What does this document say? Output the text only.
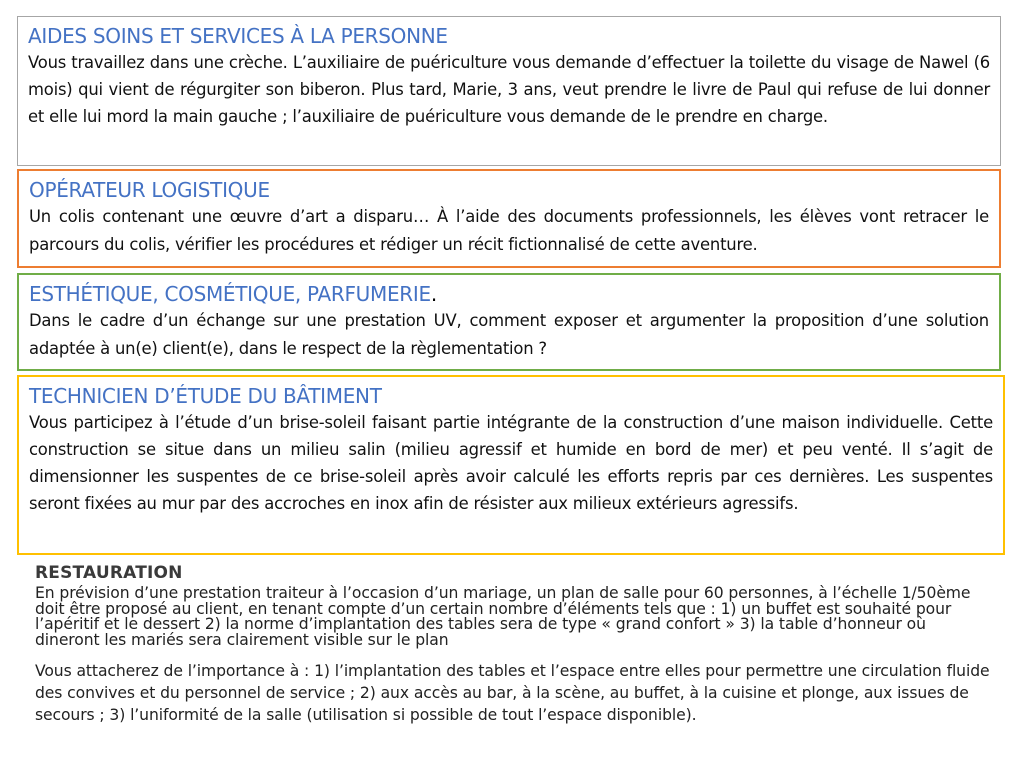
AIDES SOINS ET SERVICES À LA PERSONNE
Vous travaillez dans une crèche. L’auxiliaire de puériculture vous demande d’effectuer la toilette du visage de Nawel (6 mois) qui vient de régurgiter son biberon. Plus tard, Marie, 3 ans, veut prendre le livre de Paul qui refuse de lui donner et elle lui mord la main gauche ; l’auxiliaire de puériculture vous demande de le prendre en charge.
OPÉRATEUR LOGISTIQUE
Un colis contenant une œuvre d’art a disparu… À l’aide des documents professionnels, les élèves vont retracer le parcours du colis, vérifier les procédures et rédiger un récit fictionnalisé de cette aventure.
ESTHÉTIQUE, COSMÉTIQUE, PARFUMERIE.
Dans le cadre d’un échange sur une prestation UV, comment exposer et argumenter la proposition d’une solution adaptée à un(e) client(e), dans le respect de la règlementation ?
TECHNICIEN D’ÉTUDE DU BÂTIMENT
Vous participez à l’étude d’un brise-soleil faisant partie intégrante de la construction d’une maison individuelle. Cette construction se situe dans un milieu salin (milieu agressif et humide en bord de mer) et peu venté. Il s’agit de dimensionner les suspentes de ce brise-soleil après avoir calculé les efforts repris par ces dernières. Les suspentes seront fixées au mur par des accroches en inox afin de résister aux milieux extérieurs agressifs.
RESTAURATION

En prévision d’une prestation traiteur à l’occasion d’un mariage, un plan de salle pour 60 personnes, à l’échelle 1/50ème doit être proposé au client, en tenant compte d’un certain nombre d’éléments tels que : 1) un buffet est souhaité pour l’apéritif et le dessert 2) la norme d’implantation des tables sera de type « grand confort » 3) la table d’honneur où dineront les mariés sera clairement visible sur le plan

Vous attacherez de l’importance à : 1) l’implantation des tables et l’espace entre elles pour permettre une circulation fluide des convives et du personnel de service ; 2) aux accès au bar, à la scène, au buffet, à la cuisine et plonge, aux issues de secours ; 3) l’uniformité de la salle (utilisation si possible de tout l’espace disponible).
